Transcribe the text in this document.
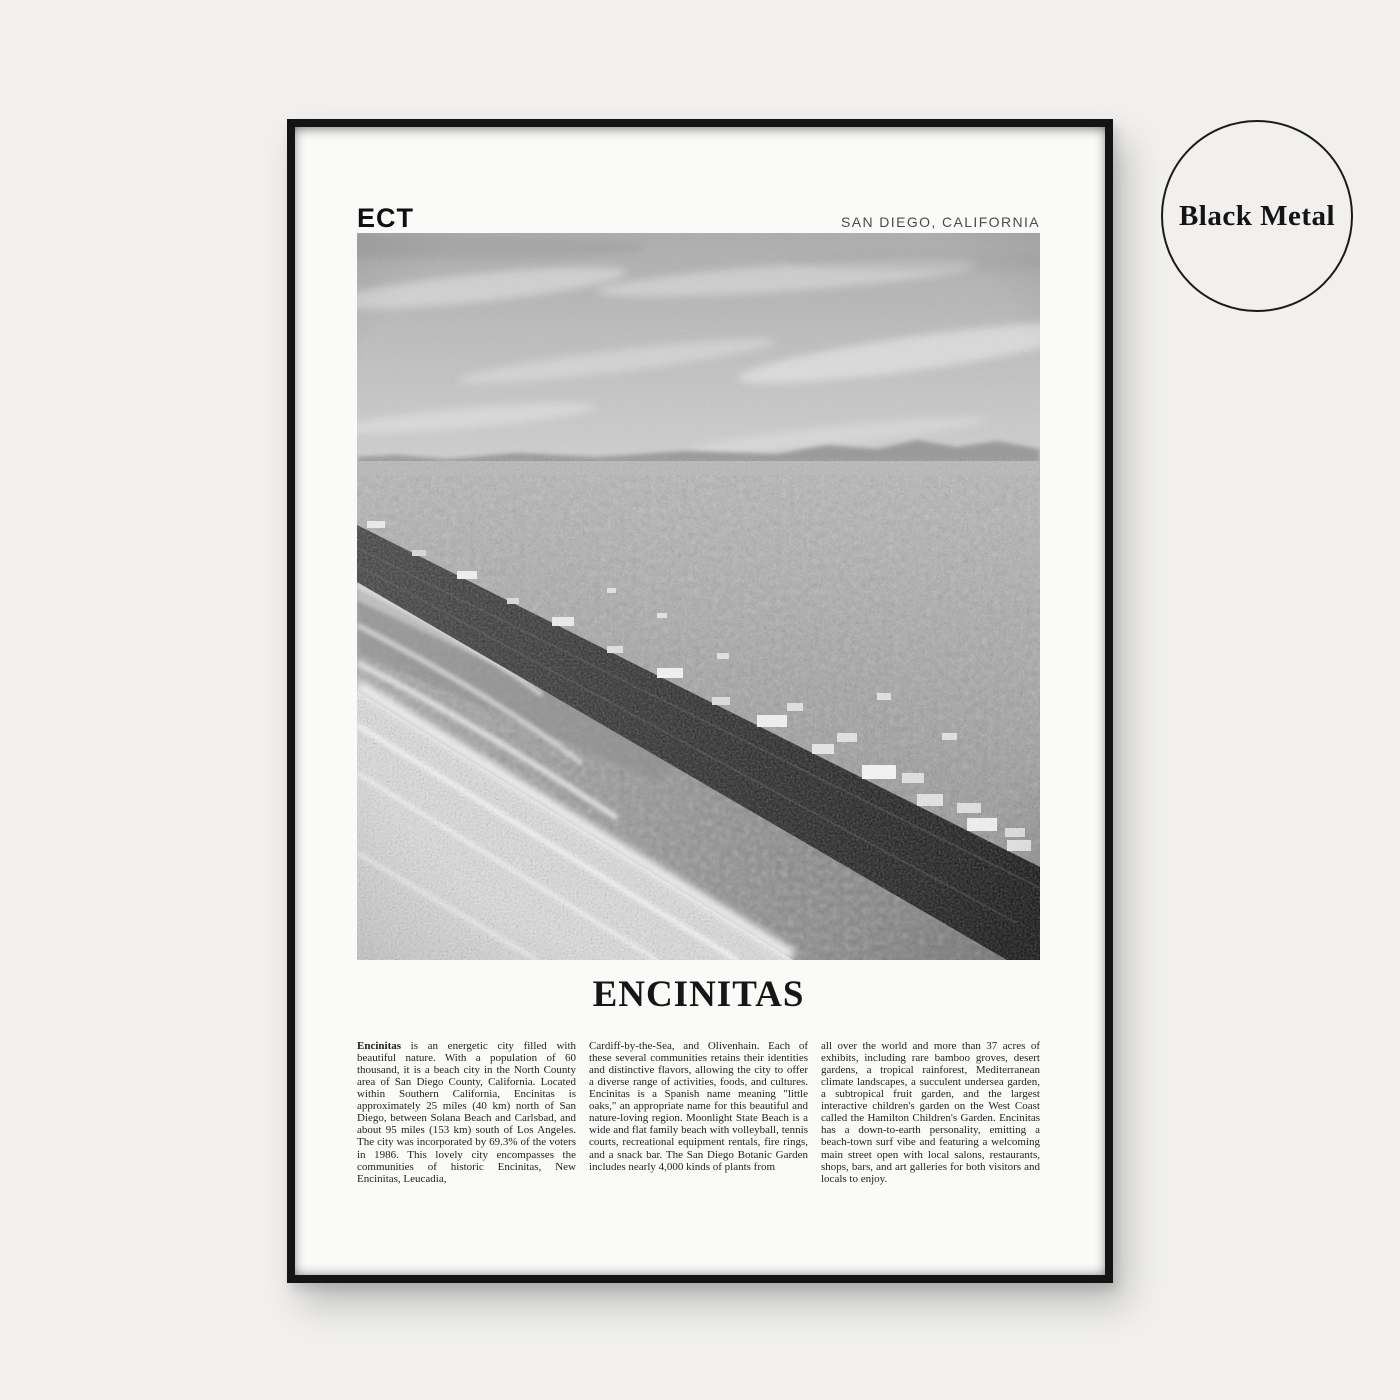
ECT	SAN DIEGO, CALIFORNIA
ENCINITAS

Encinitas is an energetic city filled with beautiful nature. With a population of 60 thousand, it is a beach city in the North County area of San Diego County, California. Located within Southern California, Encinitas is approximately 25 miles (40 km) north of San Diego, between Solana Beach and Carlsbad, and about 95 miles (153 km) south of Los Angeles. The city was incorporated by 69.3% of the voters in 1986. This lovely city encompasses the communities of historic Encinitas, New Encinitas, Leucadia,

Cardiff-by-the-Sea, and Olivenhain. Each of these several communities retains their identities and distinctive flavors, allowing the city to offer a diverse range of activities, foods, and cultures. Encinitas is a Spanish name meaning "little oaks," an appropriate name for this beautiful and nature-loving region. Moonlight State Beach is a wide and flat family beach with volleyball, tennis courts, recreational equipment rentals, fire rings, and a snack bar. The San Diego Botanic Garden includes nearly 4,000 kinds of plants from

all over the world and more than 37 acres of exhibits, including rare bamboo groves, desert gardens, a tropical rainforest, Mediterranean climate landscapes, a succulent undersea garden, a subtropical fruit garden, and the largest interactive children's garden on the West Coast called the Hamilton Children's Garden. Encinitas has a down-to-earth personality, emitting a beach-town surf vibe and featuring a welcoming main street open with local salons, restaurants, shops, bars, and art galleries for both visitors and locals to enjoy.

Black Metal
